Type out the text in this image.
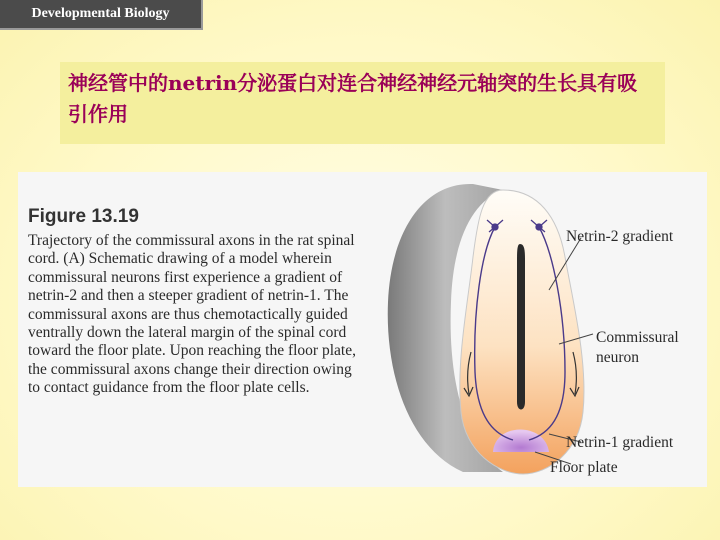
Developmental Biology
神经管中的netrin分泌蛋白对连合神经神经元轴突的生长具有吸引作用
Figure 13.19
Trajectory of the commissural axons in the rat spinal cord. (A) Schematic drawing of a model wherein commissural neurons first experience a gradient of netrin-2 and then a steeper gradient of netrin-1. The commissural axons are thus chemotactically guided ventrally down the lateral margin of the spinal cord toward the floor plate. Upon reaching the floor plate, the commissural axons change their direction owing to contact guidance from the floor plate cells.
Netrin-2 gradient
Commissural
neuron
Netrin-1 gradient
Floor plate
